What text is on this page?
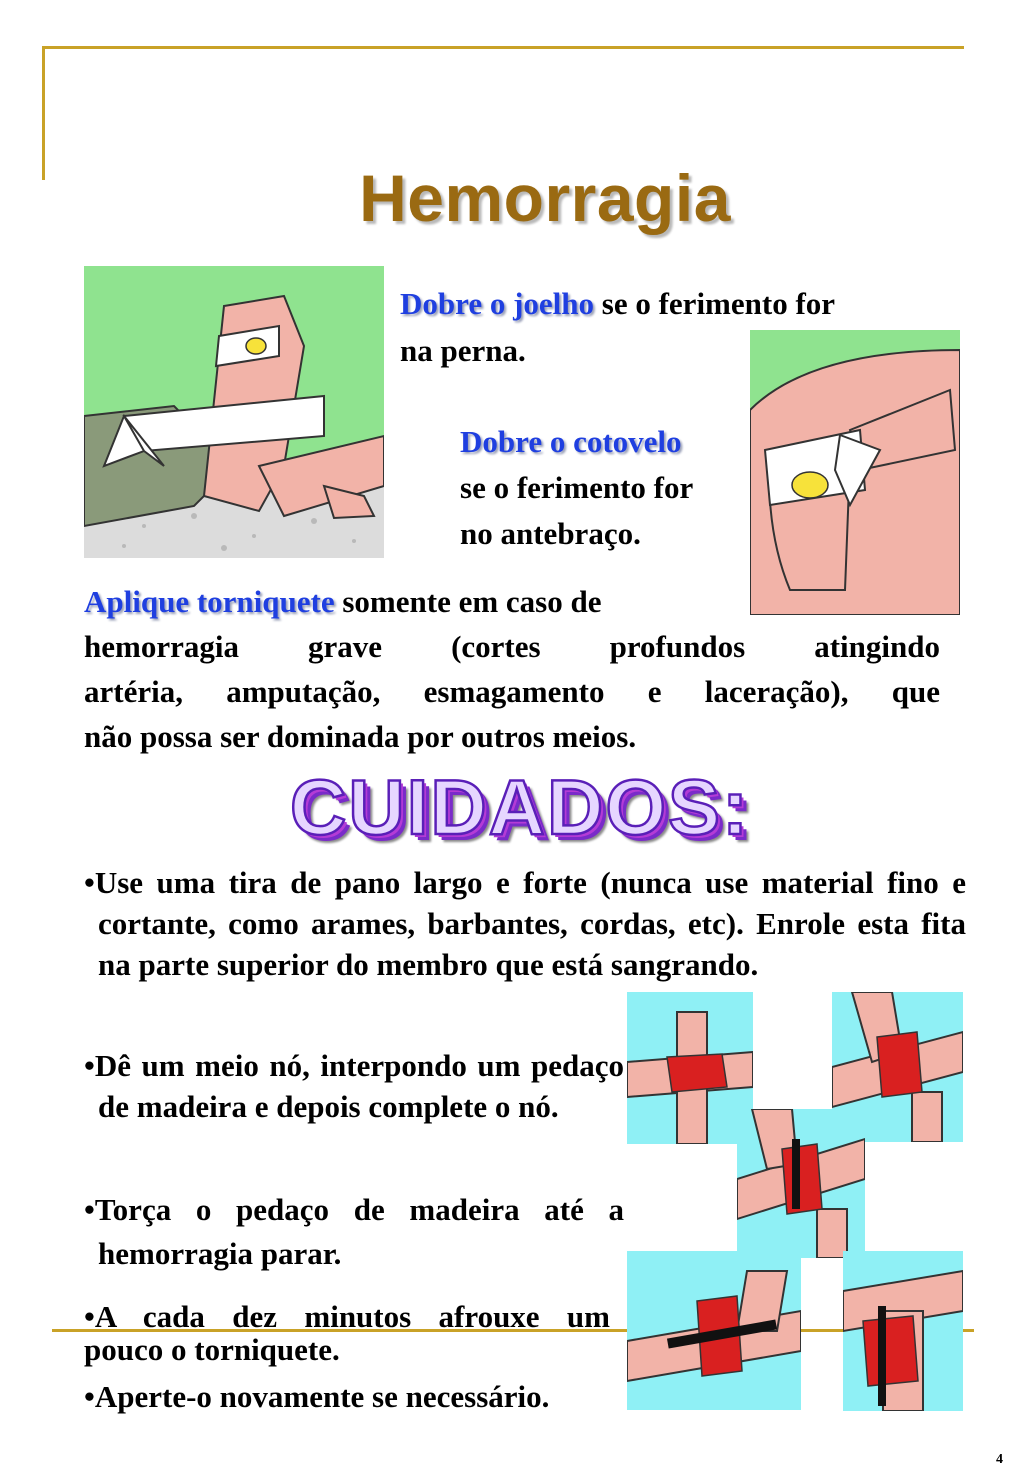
Hemorragia
Dobre o joelho se o ferimento for
na perna.
Dobre o cotovelo
se o ferimento for
no antebraço.
Aplique torniquete somente em caso de
hemorragia grave (cortes profundos atingindo
artéria, amputação, esmagamento e laceração), que
não possa ser dominada por outros meios.
CUIDADOS:
•Use uma tira de pano largo e forte (nunca use material fino e cortante, como arames, barbantes, cordas, etc). Enrole esta fita na parte superior do membro que está sangrando.
•Dê um meio nó, interpondo um pedaço de madeira e depois complete o nó.
•Torça o pedaço de madeira até a hemorragia parar.
•A cada dez minutos afrouxe um
pouco o torniquete.
•Aperte-o novamente se necessário.
4
